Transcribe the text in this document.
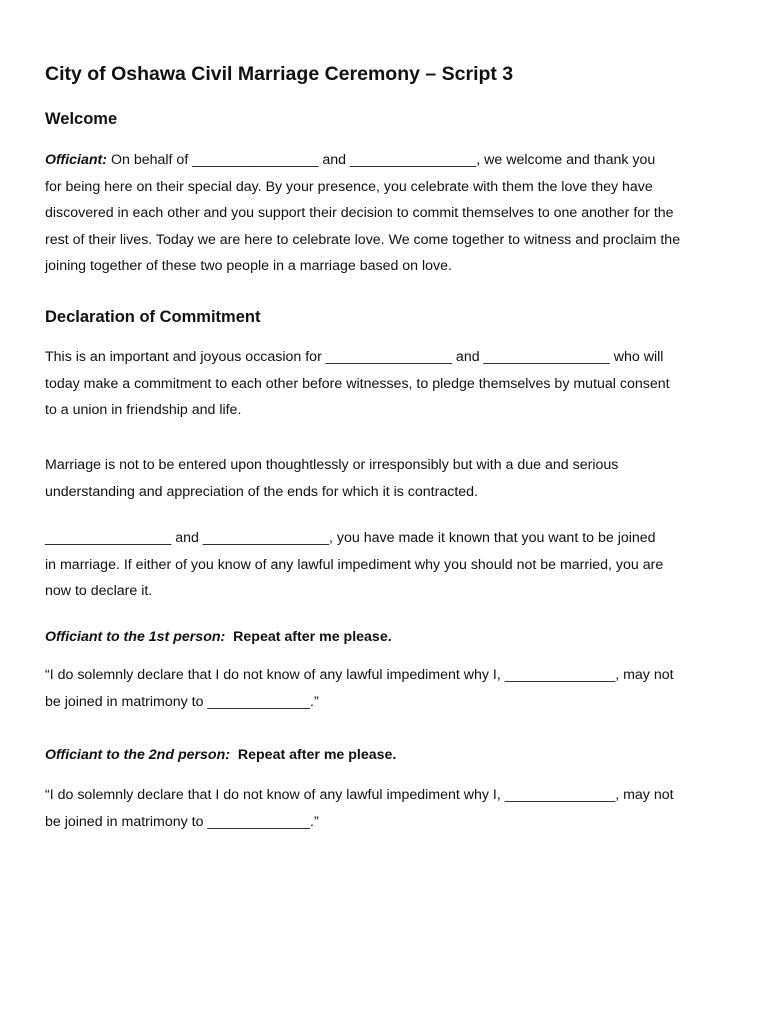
City of Oshawa Civil Marriage Ceremony – Script 3
Welcome
Officiant: On behalf of ________________ and ________________, we welcome and thank you
for being here on their special day. By your presence, you celebrate with them the love they have
discovered in each other and you support their decision to commit themselves to one another for the
rest of their lives. Today we are here to celebrate love. We come together to witness and proclaim the
joining together of these two people in a marriage based on love.
Declaration of Commitment
This is an important and joyous occasion for ________________ and ________________ who will
today make a commitment to each other before witnesses, to pledge themselves by mutual consent
to a union in friendship and life.
Marriage is not to be entered upon thoughtlessly or irresponsibly but with a due and serious
understanding and appreciation of the ends for which it is contracted.
________________ and ________________, you have made it known that you want to be joined
in marriage. If either of you know of any lawful impediment why you should not be married, you are
now to declare it.
Officiant to the 1st person: Repeat after me please.
“I do solemnly declare that I do not know of any lawful impediment why I, ______________, may not
be joined in matrimony to _____________.”
Officiant to the 2nd person: Repeat after me please.
“I do solemnly declare that I do not know of any lawful impediment why I, ______________, may not
be joined in matrimony to _____________.”
